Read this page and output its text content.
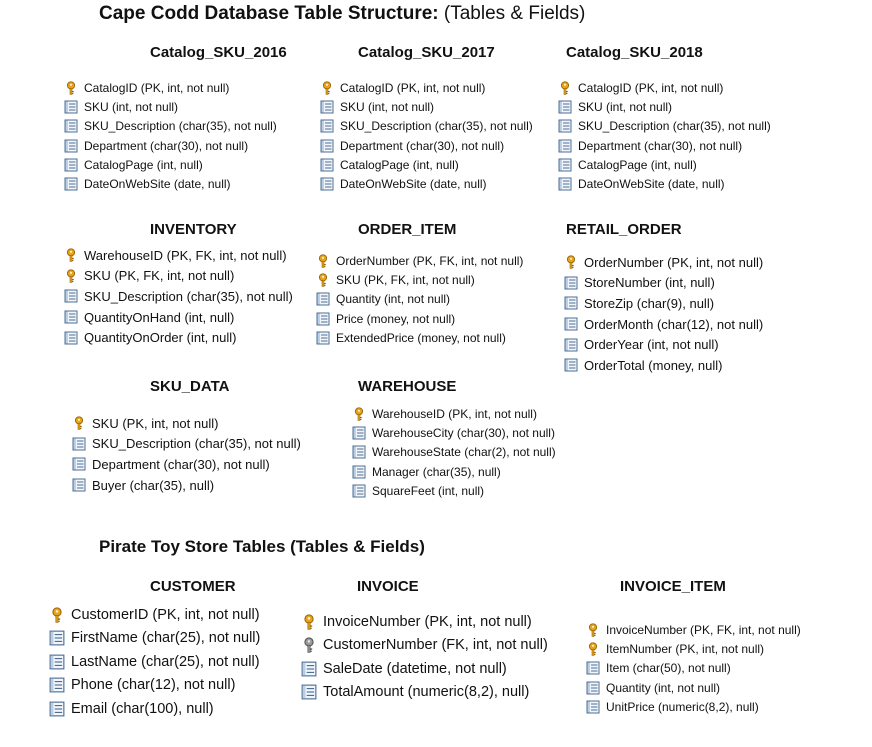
Cape Codd Database Table Structure: (Tables & Fields)
Pirate Toy Store Tables (Tables & Fields)
Catalog_SKU_2016
CatalogID (PK, int, not null)
SKU (int, not null)
SKU_Description (char(35), not null)
Department (char(30), not null)
CatalogPage (int, null)
DateOnWebSite (date, null)
Catalog_SKU_2017
CatalogID (PK, int, not null)
SKU (int, not null)
SKU_Description (char(35), not null)
Department (char(30), not null)
CatalogPage (int, null)
DateOnWebSite (date, null)
Catalog_SKU_2018
CatalogID (PK, int, not null)
SKU (int, not null)
SKU_Description (char(35), not null)
Department (char(30), not null)
CatalogPage (int, null)
DateOnWebSite (date, null)
INVENTORY
WarehouseID (PK, FK, int, not null)
SKU (PK, FK, int, not null)
SKU_Description (char(35), not null)
QuantityOnHand (int, null)
QuantityOnOrder (int, null)
ORDER_ITEM
OrderNumber (PK, FK, int, not null)
SKU (PK, FK, int, not null)
Quantity (int, not null)
Price (money, not null)
ExtendedPrice (money, not null)
RETAIL_ORDER
OrderNumber (PK, int, not null)
StoreNumber (int, null)
StoreZip (char(9), null)
OrderMonth (char(12), not null)
OrderYear (int, not null)
OrderTotal (money, null)
SKU_DATA
SKU (PK, int, not null)
SKU_Description (char(35), not null)
Department (char(30), not null)
Buyer (char(35), null)
WAREHOUSE
WarehouseID (PK, int, not null)
WarehouseCity (char(30), not null)
WarehouseState (char(2), not null)
Manager (char(35), null)
SquareFeet (int, null)
CUSTOMER
CustomerID (PK, int, not null)
FirstName (char(25), not null)
LastName (char(25), not null)
Phone (char(12), not null)
Email (char(100), null)
INVOICE
InvoiceNumber (PK, int, not null)
CustomerNumber (FK, int, not null)
SaleDate (datetime, not null)
TotalAmount (numeric(8,2), null)
INVOICE_ITEM
InvoiceNumber (PK, FK, int, not null)
ItemNumber (PK, int, not null)
Item (char(50), not null)
Quantity (int, not null)
UnitPrice (numeric(8,2), null)
